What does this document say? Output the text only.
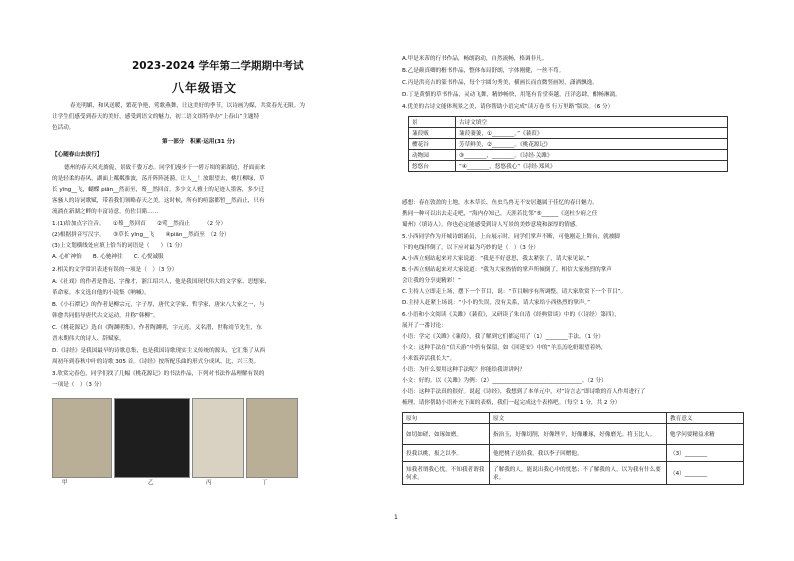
2023-2024 学年第二学期期中考试
八年级语文
春光明媚，和风送暖，繁花争艳，莺歌燕舞，让这美好的季节，以诗画为媒，共赏春光无限。为
让学生们感受到春天的美好，感受到语文的魅力，初二语文组特举办“上春山”主题特
色活动。
第一部分　积累·运用(31 分)
【心随春山去拔行】
德州的春天风光旖旎，景致千姿万态。同学们漫步于一碧万顷的新湖边，抒面而来
的是轻柔的春风，湖面上粼粼推波，荡开阵阵涟漪，让人__！放眼望去，桃红柳绿，草
长 yīng__飞，蝴蝶 piān__然而至，蓦__然回首，多少文人雅士的足迹人墨客，多少迁
客骚人的诗词歌赋，带着我们领略春天之美。这时候，所有的喧嚣都暂__然而止，只有
流淌在新湖之畔的丰富诗意，仿佐目睹……
1.(1)给加点字注音。　　①蓦__然回首　　②莺__然而止　　　（2 分）
(2)根据拼音写汉字。　　③草长 yīng__飞　　④piān__然而至　（2 分）
(3)上文划横线处应填上恰当的词语是（　　）（1 分）
A. 心旷神怡　　B. 心驰神往　　C. 心悦诚服
2.相关的文学常识表述有误的一项是（　）（3 分）
A.《社戏》的作者是鲁迅，字豫才，浙江绍兴人，他是我国现代伟大的文学家、思想家、
革命家。本文选自他的小说集《呐喊》。
B.《小石潭记》的作者是柳宗元，字子厚，唐代文学家、哲学家，唐宋八大家之一，与
韩愈共同倡导唐代古文运动，并称“韩柳”。
C.《桃花源记》选自《陶渊明集》，作者陶渊明，字元亮，又名潜，世称靖节先生，东
晋末期伟大的诗人、辞赋家。
D.《诗经》是我国最早的诗歌总集，也是我国诗歌现实主义传统的源头，它汇集了从西
周初年到春秋中叶的诗歌 305 首。《诗经》按所配乐曲的形式分成风、比、兴三类。
3.欣赏完春色，同学们找了几幅《桃花源记》的书法作品，下列对书法作品理解有误的
一项是（　）（3 分）
甲	乙	丙	丁
A.甲是米芾的行书作品，畅朗韵动，自然流畅，格调非凡。
B.乙是颜真卿的楷书作品，整体布局舒朗，字体刚健，一丝不苟。
C.丙是洪亮吉的篆书作品，每个字圆匀秀美，横画长而直微竖画短，潇洒飘逸。
D.丁是黄慎的草书作品，灵动飞舞，精妙畅快，用笔有肯堂奏越，汪洋恣肆，酣畅淋漓。
4.优美的古诗文能体现景之美，请你帮助小语完成“读万卷书 行万里路”版块。（6 分）
景	古诗文填空
蒹葭贩	蒹葭萋萋，①________。”《蒹葭》
樱花谷	芳草鲜美，②________。《桃花源记》
动物园	③________，________。《诗经·关雎》
悠悠台	“④________，悠悠我心”《诗经·郑风》
感想：春在敦盈的土地，水木草长、鱼虫鸟兽无不安居邀属于佳忆的春日魅力。
携同一种可以出去走走吧，“海内存知己，天涯若比邻”⑤______《送杜少府之任
蜀州》（填诗人），你也必定能感受到诗人写景的美妙意境和深厚的情感。
5.小西同学作为开城诗朗诵员，上台展示时，同学们掌声不断，可他刚走上舞台，就被脚
下的电线拌倒了。以下应对最为巧妙的是（　）（3 分）
A.小西立刻站起来对大家说道：“我是不好意思，我太紧张了，请大家见谅。”
B.小西立刻站起来对大家说道：“我为大家热情的掌声所倾倒了，相信大家热烈的掌声
会让我的分享更精彩！”
C.主持人立即走上场，摆下一个节目，说：“节目顺序有所调整，请大家欣赏下一个节目”。
D.主持人赶紧上场说：“小小的失误，没有关系，请大家给小西热烈的掌声。”
6.小语和小文阅读《关雎》《蒹葭》，又研读了朱自清《经典常谈》中的《〈诗经〉第四》，
展开了一番讨论：
小语：学完《关雎》《蒹葭》，我了解到它们都运用了（1）________手法。（1 分）
小文：这种手法在“信天游”中仍有保留，如《回延安》中的“羊羔羔吃奶眼望着妈，
小米饭养活我长大”。
小语：为什么要用这种手法呢？你能给我讲讲吗？
小文：好的。以《关雎》为例：（2）________________________________。（2 分）
小语：这种手法真的很好。说起《诗经》，我想到了本单元中，对“诗言志”即诗歌的育人作用进行了
梳理，请你帮助小语补充下面的表格，我们一起完成这个表格吧。（每空 1 分，共 2 分）
原句	原文	教育意义
如切如磋，如琢如磨。	指治玉，好像切削，好像锉平，好像雕琢，好像磨光。将玉比人。	勉学问要精益求精
投我以桃，报之以李。	他把桃子送给我，我以李子回赠他。	（3）________
知我者谓我心忧，不知我者谓我何求。	了解我的人，能说出我心中的忧愁；不了解我的人，以为我有什么要求。	（4）________
1
